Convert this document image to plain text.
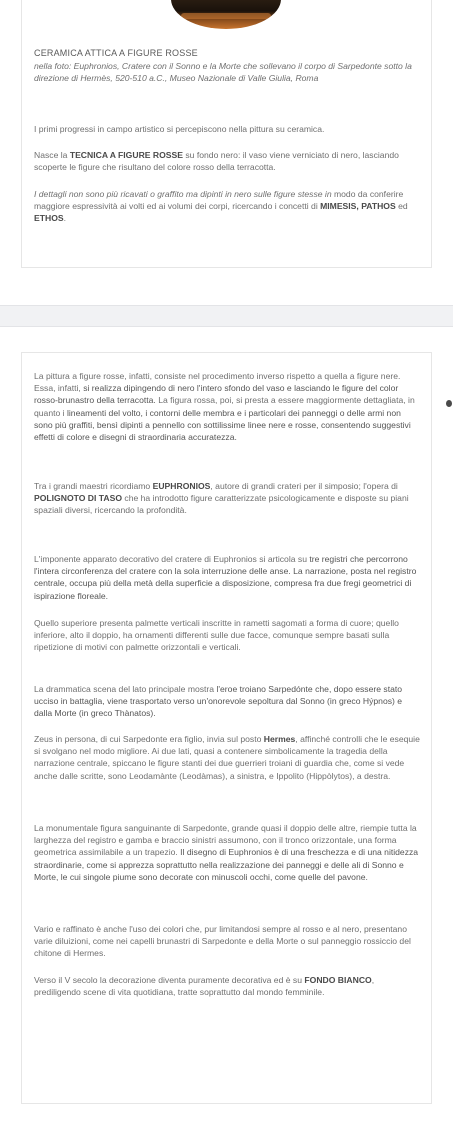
CERAMICA ATTICA A FIGURE ROSSE
nella foto: Euphronios, Cratere con il Sonno e la Morte che sollevano il corpo di Sarpedonte sotto la direzione di Hermès, 520-510 a.C., Museo Nazionale di Valle Giulia, Roma
I primi progressi in campo artistico si percepiscono nella pittura su ceramica.
Nasce la TECNICA A FIGURE ROSSE su fondo nero: il vaso viene verniciato di nero, lasciando scoperte le figure che risultano del colore rosso della terracotta.
I dettagli non sono più ricavati o graffito ma dipinti in nero sulle figure stesse in modo da conferire maggiore espressività ai volti ed ai volumi dei corpi, ricercando i concetti di MIMESIS, PATHOS ed ETHOS.
La pittura a figure rosse, infatti, consiste nel procedimento inverso rispetto a quella a figure nere. Essa, infatti, si realizza dipingendo di nero l'intero sfondo del vaso e lasciando le figure del color rosso-brunastro della terracotta. La figura rossa, poi, si presta a essere maggiormente dettagliata, in quanto i lineamenti del volto, i contorni delle membra e i particolari dei panneggi o delle armi non sono più graffiti, bensì dipinti a pennello con sottilissime linee nere e rosse, consentendo suggestivi effetti di colore e disegni di straordinaria accuratezza.
Tra i grandi maestri ricordiamo EUPHRONIOS, autore di grandi crateri per il simposio; l'opera di POLIGNOTO DI TASO che ha introdotto figure caratterizzate psicologicamente e disposte su piani spaziali diversi, ricercando la profondità.
L'imponente apparato decorativo del cratere di Euphronios si articola su tre registri che percorrono l'intera circonferenza del cratere con la sola interruzione delle anse. La narrazione, posta nel registro centrale, occupa più della metà della superficie a disposizione, compresa fra due fregi geometrici di ispirazione floreale.
Quello superiore presenta palmette verticali inscritte in rametti sagomati a forma di cuore; quello inferiore, alto il doppio, ha ornamenti differenti sulle due facce, comunque sempre basati sulla ripetizione di motivi con palmette orizzontali e verticali.
La drammatica scena del lato principale mostra l'eroe troiano Sarpedónte che, dopo essere stato ucciso in battaglia, viene trasportato verso un'onorevole sepoltura dal Sonno (in greco Hýpnos) e dalla Morte (in greco Thànatos).
Zeus in persona, di cui Sarpedonte era figlio, invia sul posto Hermes, affinché controlli che le esequie si svolgano nel modo migliore. Ai due lati, quasi a contenere simbolicamente la tragedia della narrazione centrale, spiccano le figure stanti dei due guerrieri troiani di guardia che, come si vede anche dalle scritte, sono Leodamànte (Leodàmas), a sinistra, e Ippolito (Hippòlytos), a destra.
La monumentale figura sanguinante di Sarpedonte, grande quasi il doppio delle altre, riempie tutta la larghezza del registro e gamba e braccio sinistri assumono, con il tronco orizzontale, una forma geometrica assimilabile a un trapezio. Il disegno di Euphronios è di una freschezza e di una nitidezza straordinarie, come si apprezza soprattutto nella realizzazione dei panneggi e delle ali di Sonno e Morte, le cui singole piume sono decorate con minuscoli occhi, come quelle del pavone.
Vario e raffinato è anche l'uso dei colori che, pur limitandosi sempre al rosso e al nero, presentano varie diluizioni, come nei capelli brunastri di Sarpedonte e della Morte o sul panneggio rossiccio del chitone di Hermes.
Verso il V secolo la decorazione diventa puramente decorativa ed è su FONDO BIANCO, prediligendo scene di vita quotidiana, tratte soprattutto dal mondo femminile.
